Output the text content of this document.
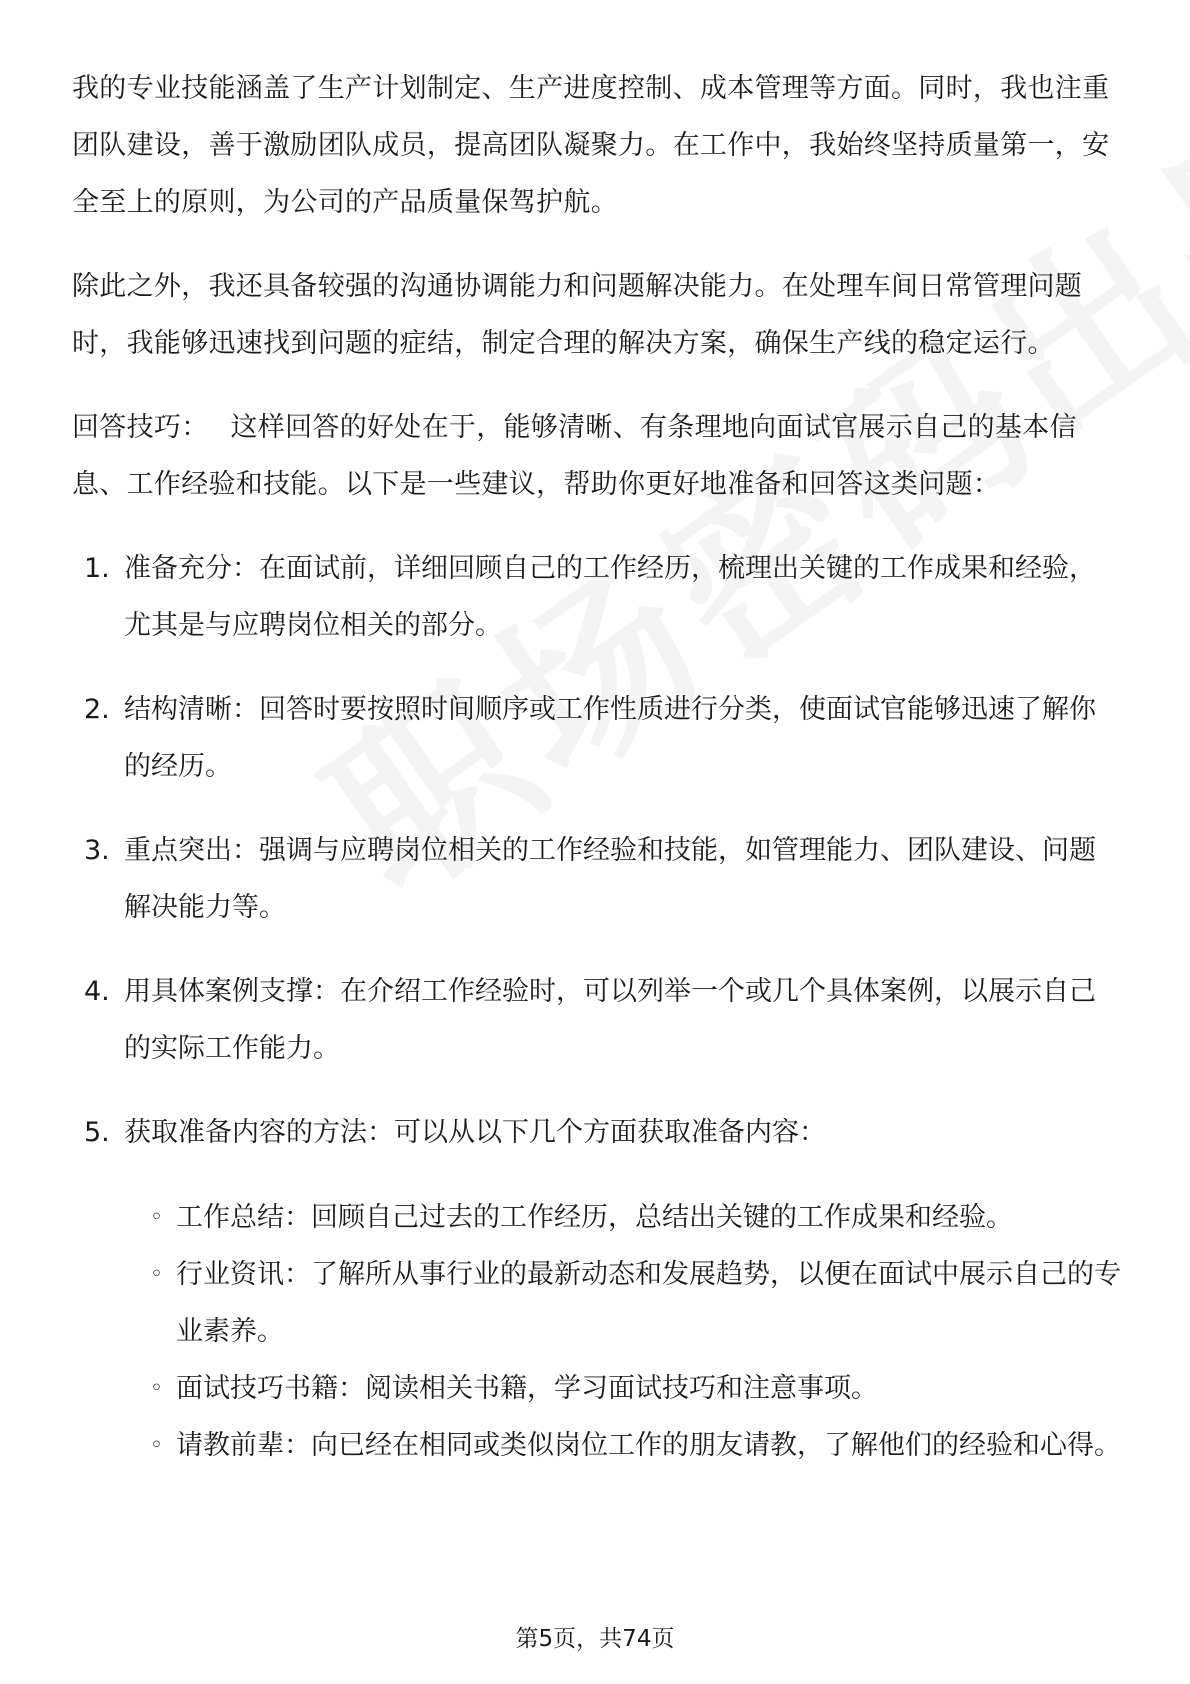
我的专业技能涵盖了生产计划制定、生产进度控制、成本管理等方面。同时，我也注重团队建设，善于激励团队成员，提高团队凝聚力。在工作中，我始终坚持质量第一，安全至上的原则，为公司的产品质量保驾护航。

除此之外，我还具备较强的沟通协调能力和问题解决能力。在处理车间日常管理问题时，我能够迅速找到问题的症结，制定合理的解决方案，确保生产线的稳定运行。

回答技巧： 这样回答的好处在于，能够清晰、有条理地向面试官展示自己的基本信息、工作经验和技能。以下是一些建议，帮助你更好地准备和回答这类问题：

1. 准备充分：在面试前，详细回顾自己的工作经历，梳理出关键的工作成果和经验，尤其是与应聘岗位相关的部分。
2. 结构清晰：回答时要按照时间顺序或工作性质进行分类，使面试官能够迅速了解你的经历。
3. 重点突出：强调与应聘岗位相关的工作经验和技能，如管理能力、团队建设、问题解决能力等。
4. 用具体案例支撑：在介绍工作经验时，可以列举一个或几个具体案例，以展示自己的实际工作能力。
5. 获取准备内容的方法：可以从以下几个方面获取准备内容：
◦ 工作总结：回顾自己过去的工作经历，总结出关键的工作成果和经验。
◦ 行业资讯：了解所从事行业的最新动态和发展趋势，以便在面试中展示自己的专业素养。
◦ 面试技巧书籍：阅读相关书籍，学习面试技巧和注意事项。
◦ 请教前辈：向已经在相同或类似岗位工作的朋友请教，了解他们的经验和心得。
第5页，共74页
